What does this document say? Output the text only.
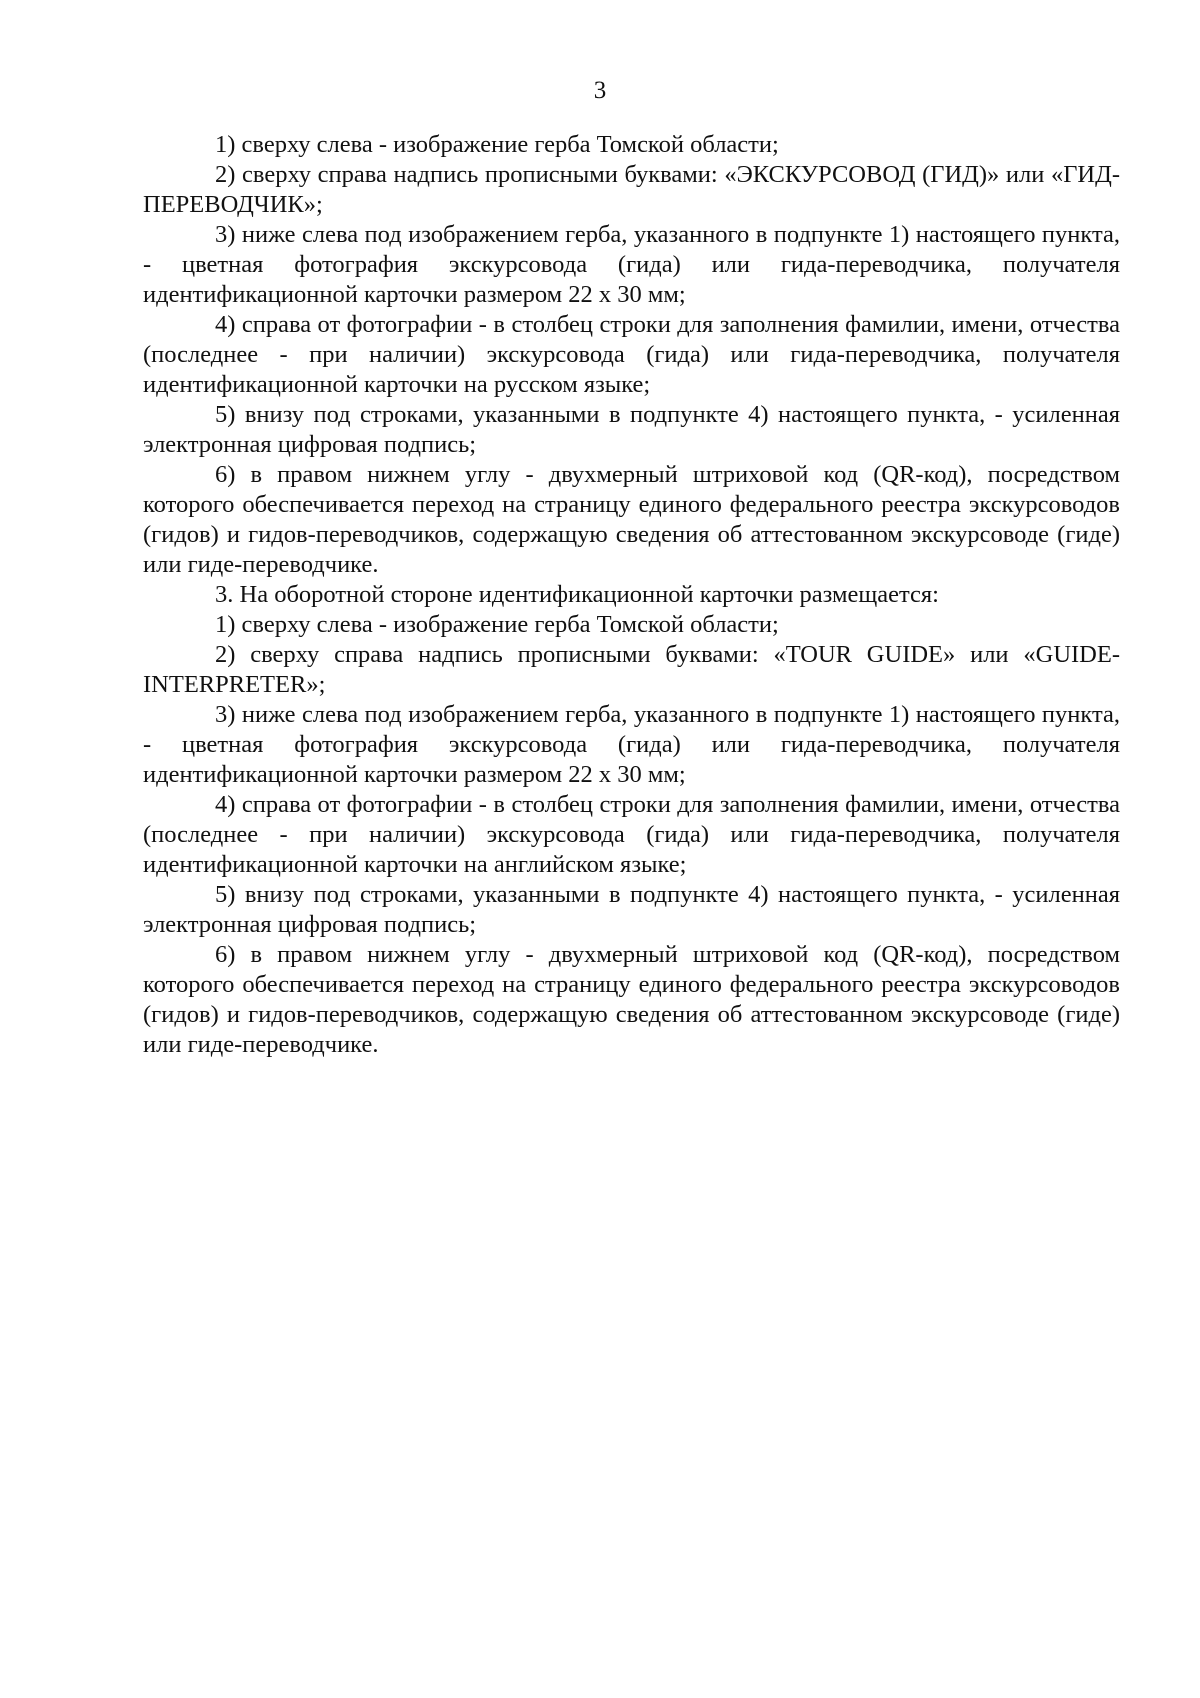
3

1) сверху слева - изображение герба Томской области;

2) сверху справа надпись прописными буквами: «ЭКСКУРСОВОД (ГИД)» или «ГИД-ПЕРЕВОДЧИК»;

3) ниже слева под изображением герба, указанного в подпункте 1) настоящего пункта, - цветная фотография экскурсовода (гида) или гида-переводчика, получателя идентификационной карточки размером 22 х 30 мм;

4) справа от фотографии - в столбец строки для заполнения фамилии, имени, отчества (последнее - при наличии) экскурсовода (гида) или гида-переводчика, получателя идентификационной карточки на русском языке;

5) внизу под строками, указанными в подпункте 4) настоящего пункта, - усиленная электронная цифровая подпись;

6) в правом нижнем углу - двухмерный штриховой код (QR-код), посредством которого обеспечивается переход на страницу единого федерального реестра экскурсоводов (гидов) и гидов-переводчиков, содержащую сведения об аттестованном экскурсоводе (гиде) или гиде-переводчике.

3. На оборотной стороне идентификационной карточки размещается:

1) сверху слева - изображение герба Томской области;

2) сверху справа надпись прописными буквами: «TOUR GUIDE» или «GUIDE-INTERPRETER»;

3) ниже слева под изображением герба, указанного в подпункте 1) настоящего пункта, - цветная фотография экскурсовода (гида) или гида-переводчика, получателя идентификационной карточки размером 22 х 30 мм;

4) справа от фотографии - в столбец строки для заполнения фамилии, имени, отчества (последнее - при наличии) экскурсовода (гида) или гида-переводчика, получателя идентификационной карточки на английском языке;

5) внизу под строками, указанными в подпункте 4) настоящего пункта, - усиленная электронная цифровая подпись;

6) в правом нижнем углу - двухмерный штриховой код (QR-код), посредством которого обеспечивается переход на страницу единого федерального реестра экскурсоводов (гидов) и гидов-переводчиков, содержащую сведения об аттестованном экскурсоводе (гиде) или гиде-переводчике.
